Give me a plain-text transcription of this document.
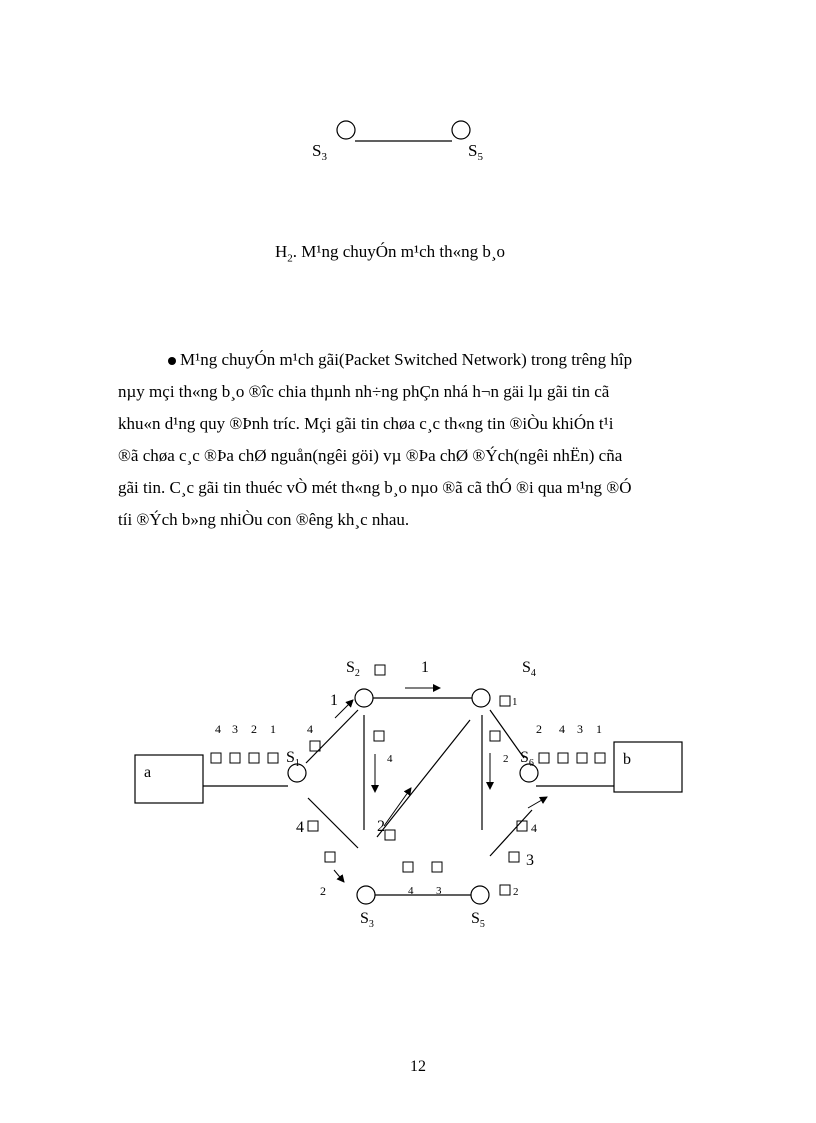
$S_3$	$S_5$
$H_2$. M¹ng chuyÓn m¹ch th«ng b¸o

M¹ng chuyÓn m¹ch gãi(Packet Switched Network) trong trêng hîp

nµy mçi th«ng b¸o ®îc chia thµnh nh÷ng phÇn nhá h¬n gäi lµ gãi tin cã

khu«n d¹ng quy ®Þnh tríc. Mçi gãi tin chøa c¸c th«ng tin ®iÒu khiÓn t¹i

®ã chøa c¸c ®Þa chØ nguån(ngêi göi) vµ ®Þa chØ ®Ých(ngêi nhËn) cña

gãi tin. C¸c gãi tin thuéc vÒ mét th«ng b¸o nµo ®ã cã thÓ ®i qua m¹ng ®Ó

tíi ®Ých b»ng nhiÒu con ®êng kh¸c nhau.

a
b
$S_2$	$S_4$
$S_1$	$S_6$
$S_3$	$S_5$
4 3 2 1	2 4 3 1
1
1	1
4
4	2
4	2	4
3
2	4 3	2
12
